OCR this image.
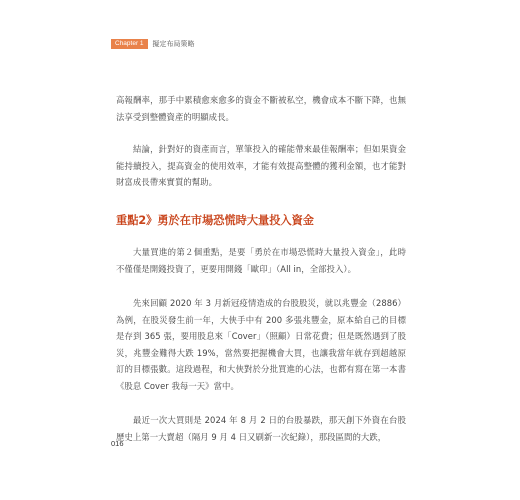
Chapter 1	擬定布局策略

高報酬率，那手中累積愈來愈多的資金不斷被私空，機會成本不斷下降，也無法享受到整體資產的明顯成長。

結論，針對好的資產而言，單筆投入的確能帶來最佳報酬率；但如果資金能持續投入，提高資金的使用效率，才能有效提高整體的獲利金額，也才能對財富成長帶來實質的幫助。

重點2》勇於在市場恐慌時大量投入資金

大量買進的第２個重點，是要「勇於在市場恐慌時大量投入資金」，此時不僅僅是開錢投資了，更要用開錢「歐印」（All in，全部投入）。

先來回顧 2020 年 3 月新冠疫情造成的台股股災，就以兆豐金（2886）為例，在股災發生前一年，大俠手中有 200 多張兆豐金，原本給自己的目標是存到 365 張，要用股息來「Cover」（照顧）日常花費；但是既然遇到了股災，兆豐金難得大跌 19%，當然要把握機會大買，也讓我當年就存到超越原訂的目標張數。這段過程，和大俠對於分批買進的心法，也都有寫在第一本書《股息 Cover 我每一天》當中。

最近一次大買則是 2024 年 8 月 2 日的台股暴跌，那天創下外資在台股歷史上第一大賣超（隔月 9 月 4 日又刷新一次紀錄），那段區間的大跌，

016
